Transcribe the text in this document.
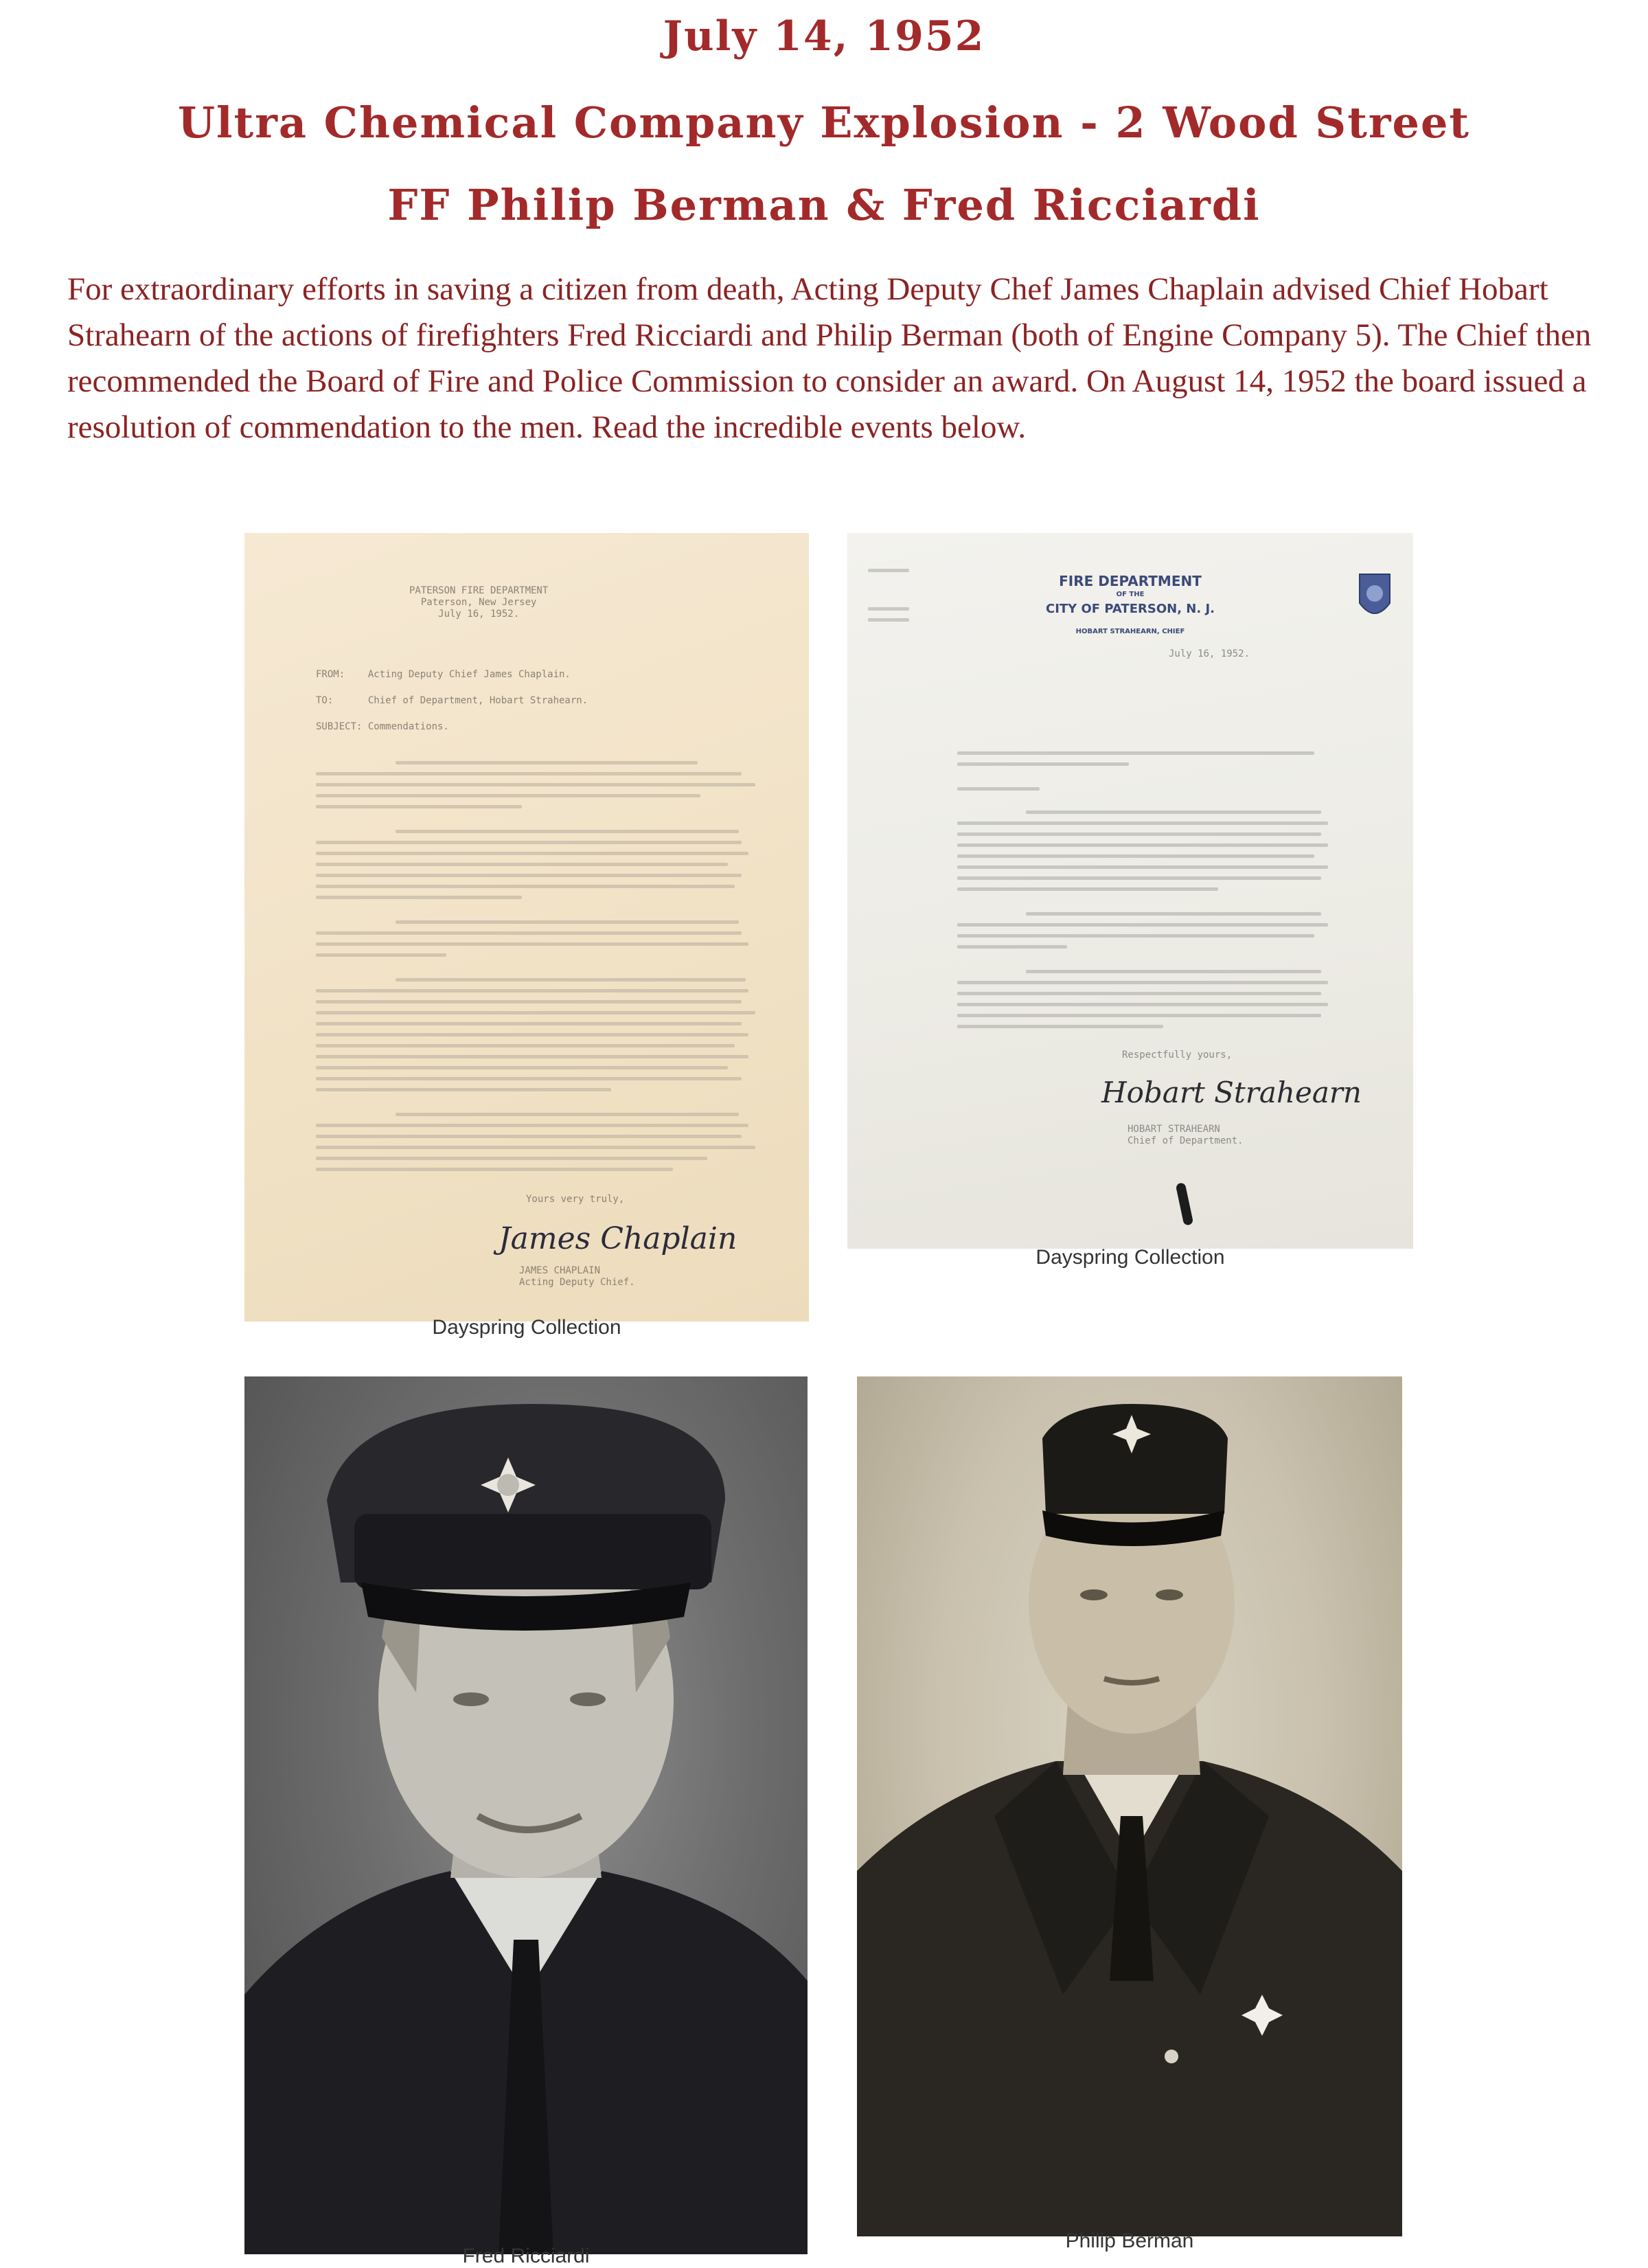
July 14, 1952
Ultra Chemical Company Explosion - 2 Wood Street
FF Philip Berman & Fred Ricciardi

For extraordinary efforts in saving a citizen from death, Acting Deputy Chef James Chaplain advised Chief Hobart Strahearn of the actions of firefighters Fred Ricciardi and Philip Berman (both of Engine Company 5). The Chief then recommended the Board of Fire and Police Commission to consider an award. On August 14, 1952 the board issued a resolution of commendation to the men. Read the incredible events below.

PATERSON FIRE DEPARTMENT
Paterson, New Jersey
July 16, 1952.
FROM:    Acting Deputy Chief James Chaplain.
TO:      Chief of Department, Hobart Strahearn.
SUBJECT: Commendations.
Yours very truly,
James Chaplain
JAMES CHAPLAIN
Acting Deputy Chief.
Dayspring Collection
FIRE DEPARTMENT
OF THE
CITY OF PATERSON, N. J.
HOBART STRAHEARN, CHIEF
July 16, 1952.
Respectfully yours,
Hobart Strahearn
HOBART STRAHEARN
Chief of Department.
Dayspring Collection
Fred Ricciardi
Philip Berman
